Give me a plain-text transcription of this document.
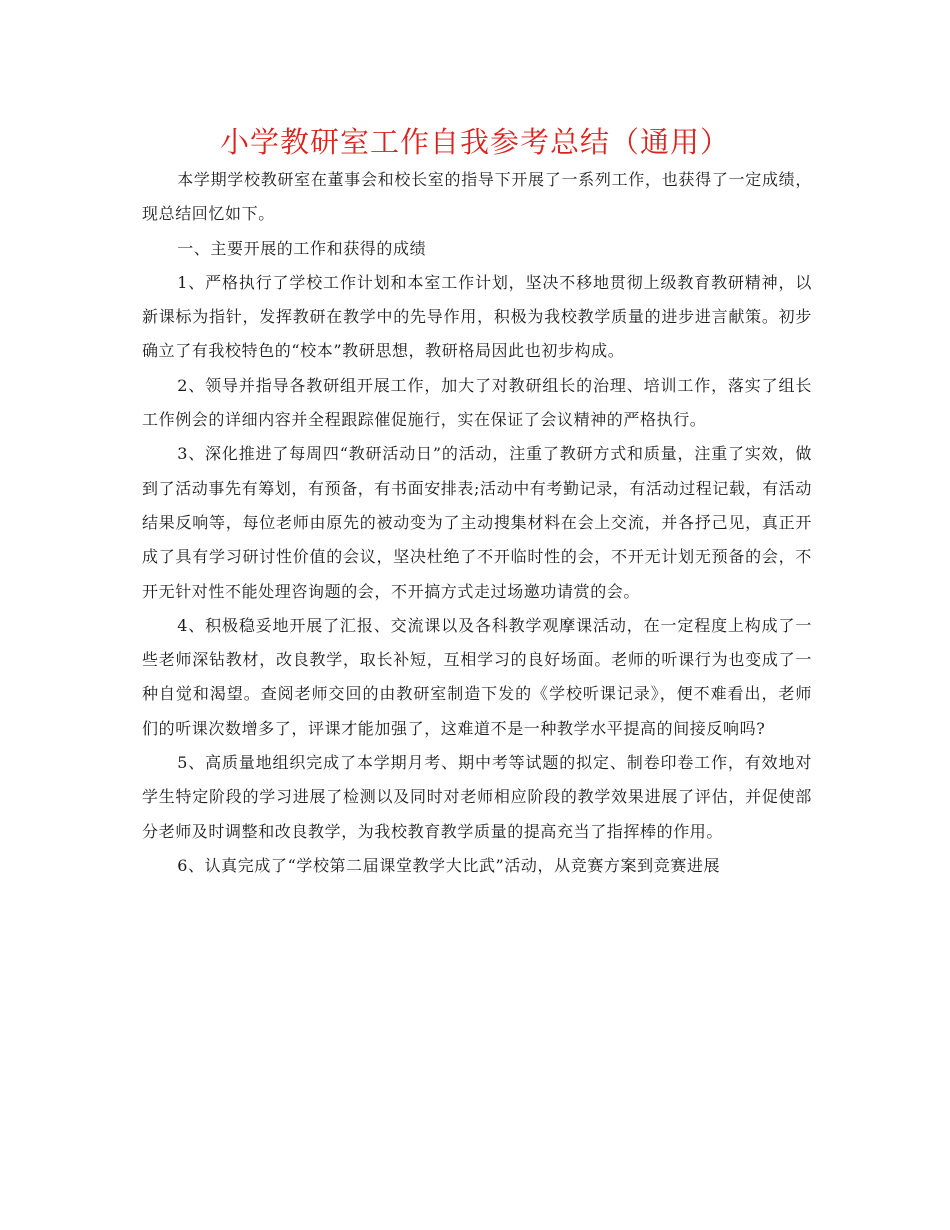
小学教研室工作自我参考总结（通用）

本学期学校教研室在董事会和校长室的指导下开展了一系列工作，也获得了一定成绩，现总结回忆如下。

一、主要开展的工作和获得的成绩

1、严格执行了学校工作计划和本室工作计划，坚决不移地贯彻上级教育教研精神，以新课标为指针，发挥教研在教学中的先导作用，积极为我校教学质量的进步进言献策。初步确立了有我校特色的“校本”教研思想，教研格局因此也初步构成。

2、领导并指导各教研组开展工作，加大了对教研组长的治理、培训工作，落实了组长工作例会的详细内容并全程跟踪催促施行，实在保证了会议精神的严格执行。

3、深化推进了每周四“教研活动日”的活动，注重了教研方式和质量，注重了实效，做到了活动事先有筹划，有预备，有书面安排表;活动中有考勤记录，有活动过程记载，有活动结果反响等，每位老师由原先的被动变为了主动搜集材料在会上交流，并各抒己见，真正开成了具有学习研讨性价值的会议，坚决杜绝了不开临时性的会，不开无计划无预备的会，不开无针对性不能处理咨询题的会，不开搞方式走过场邀功请赏的会。

4、积极稳妥地开展了汇报、交流课以及各科教学观摩课活动，在一定程度上构成了一些老师深钻教材，改良教学，取长补短，互相学习的良好场面。老师的听课行为也变成了一种自觉和渴望。查阅老师交回的由教研室制造下发的《学校听课记录》，便不难看出，老师们的听课次数增多了，评课才能加强了，这难道不是一种教学水平提高的间接反响吗?

5、高质量地组织完成了本学期月考、期中考等试题的拟定、制卷印卷工作，有效地对学生特定阶段的学习进展了检测以及同时对老师相应阶段的教学效果进展了评估，并促使部分老师及时调整和改良教学，为我校教育教学质量的提高充当了指挥棒的作用。

6、认真完成了“学校第二届课堂教学大比武”活动，从竞赛方案到竞赛进展
